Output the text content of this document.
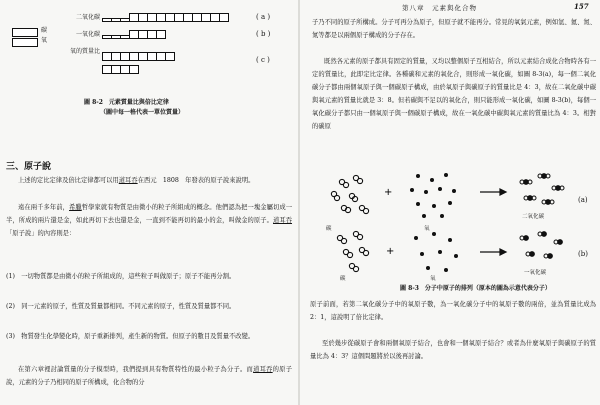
碳
氧
二氧化碳	( a )
一氧化碳	( b )
氧的質量比
( c )
圖 8-2　元素質量比與倍比定律
（圖中每一格代表一單位質量）
三、原子說
上述的定比定律及倍比定律都可以用道耳吞在西元　1808　年發表的原子說來說明。
遠在兩千多年前，希臘哲學家就有物質是由微小的粒子所組成的概念。他們認為把一塊金屬切成一半，所成的兩片還是金，如此再切下去也還是金，一直到不能再切的最小的金，叫做金的原子。道耳吞「原子說」的內容則是：
(1)　一切物質都是由微小的粒子所組成的，這些粒子叫做原子；原子不能再分割。
(2)　同一元素的原子，性質及質量都相同。不同元素的原子，性質及質量都不同。
(3)　物質發生化學變化時，原子重新排列，產生新的物質。但原子的數目及質量不改變。
在第六章裡討論質量的分子模型時，我們提到具有物質特性的最小粒子為分子。而道耳吞的原子說，元素的分子乃相同的原子所構成，化合物的分
第八章　元素與化合物	157
子乃不同的原子所構成。分子可再分為原子，但原子就不能再分。常見的氧氣元素，例如氫、氦、氮、氮等都是以兩個原子構成的分子存在。
既然各元素的原子都具有固定的質量，又均以整個原子互相結合，所以元素結合成化合物時各有一定的質量比，此即定比定律。各種碳和元素的氧化合，則形成一氧化碳，如圖 8-3(a)，每一個二氧化碳分子都由兩個氧原子與一個碳原子構成，由於氧原子與碳原子的質量比是 4：3，故在二氧化碳中碳與氧元素的質量比就是 3：8。但若碳與不足以的氧化合，則只能形成一氧化碳，如圖 8-3(b)，每個一氧化碳分子都只由一個氧原子與一個碳原子構成，故在一氧化碳中碳與氧元素的質量比為 4：3。相對的碳原
+
+
碳	氧
二氧化碳
(a)
碳	氧
一氧化碳
(b)
圖 8-3　分子中原子的排列（原本的圖為示意代表分子）
原子前面，若第二氧化碳分子中的氧原子數，為一氧化碳分子中的氧原子數的兩倍，並為質量比成為 2：1，這說明了倍比定律。
至於幾步從碳原子會和兩個氧原子結合，也會和一個氧原子結合？或者為什麼氧原子與碳原子的質量比為 4：3？這個問題將於以後再討論。
